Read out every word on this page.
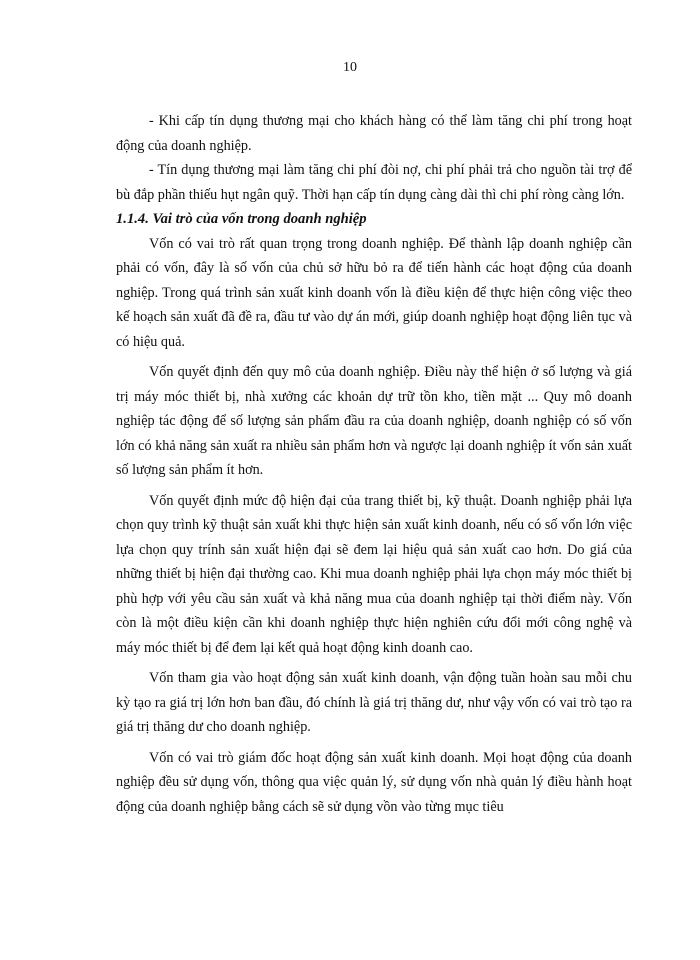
10

- Khi cấp tín dụng thương mại cho khách hàng có thể làm tăng chi phí trong hoạt động của doanh nghiệp.

- Tín dụng thương mại làm tăng chi phí đòi nợ, chi phí phải trả cho nguồn tài trợ để bù đắp phần thiếu hụt ngân quỹ. Thời hạn cấp tín dụng càng dài thì chi phí ròng càng lớn.

1.1.4. Vai trò của vốn trong doanh nghiệp

Vốn có vai trò rất quan trọng trong doanh nghiệp. Để thành lập doanh nghiệp cần phải có vốn, đây là số vốn của chủ sở hữu bỏ ra để tiến hành các hoạt động của doanh nghiệp. Trong quá trình sản xuất kinh doanh vốn là điều kiện để thực hiện công việc theo kế hoạch sản xuất đã đề ra, đầu tư vào dự án mới, giúp doanh nghiệp hoạt động liên tục và có hiệu quả.

Vốn quyết định đến quy mô của doanh nghiệp. Điều này thể hiện ở số lượng và giá trị máy móc thiết bị, nhà xưởng các khoản dự trữ tồn kho, tiền mặt ... Quy mô doanh nghiệp tác động để số lượng sản phẩm đầu ra của doanh nghiệp, doanh nghiệp có số vốn lớn có khả năng sản xuất ra nhiều sản phẩm hơn và ngược lại doanh nghiệp ít vốn sản xuất số lượng sản phẩm ít hơn.

Vốn quyết định mức độ hiện đại của trang thiết bị, kỹ thuật. Doanh nghiệp phải lựa chọn quy trình kỹ thuật sản xuất khi thực hiện sản xuất kinh doanh, nếu có số vốn lớn việc lựa chọn quy trính sản xuất hiện đại sẽ đem lại hiệu quả sản xuất cao hơn. Do giá của những thiết bị hiện đại thường cao. Khi mua doanh nghiệp phải lựa chọn máy móc thiết bị phù hợp với yêu cầu sản xuất và khả năng mua của doanh nghiệp tại thời điểm này. Vốn còn là một điều kiện cần khi doanh nghiệp thực hiện nghiên cứu đổi mới công nghệ và máy móc thiết bị để đem lại kết quả hoạt động kinh doanh cao.

Vốn tham gia vào hoạt động sản xuất kinh doanh, vận động tuần hoàn sau mỗi chu kỳ tạo ra giá trị lớn hơn ban đầu, đó chính là giá trị thăng dư, như vậy vốn có vai trò tạo ra giá trị thăng dư cho doanh nghiệp.

Vốn có vai trò giám đốc hoạt động sản xuất kinh doanh. Mọi hoạt động của doanh nghiệp đều sử dụng vốn, thông qua việc quản lý, sử dụng vốn nhà quản lý điều hành hoạt động của doanh nghiệp bằng cách sẽ sử dụng vồn vào từng mục tiêu
